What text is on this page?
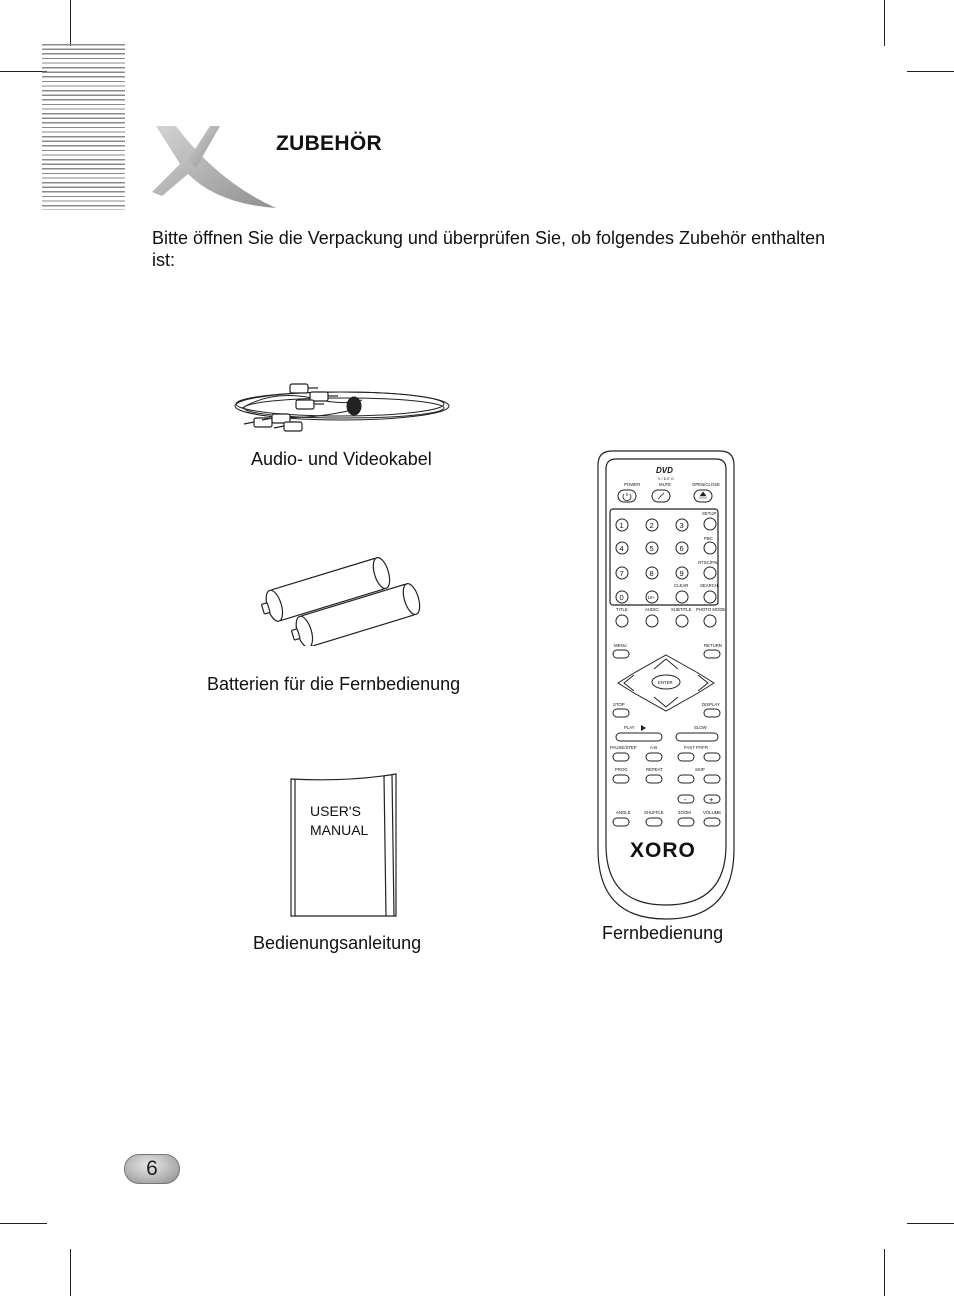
ZUBEHÖR
Bitte öffnen Sie die Verpackung und überprüfen Sie, ob folgendes Zubehör enthalten ist:
Audio- und Videokabel
Batterien für die Fernbedienung
USER'S
MANUAL
Bedienungsanleitung
DVD
VIDEO
POWER	MUTE	OPEN/CLOSE
1	2	3
4	5	6
7	8	9
0	10+
SETUP
PBC
NTSC/PAL
CLEAR	SEARCH
TITLE	AUDIO	SUBTITLE PHOTO MODE
MENU	RETURN
ENTER
STOP	DISPLAY
PLAY	SLOW
PAUSE/STEP	A-B	FAST FF/FR
PROG	REPEAT	SKIP
-	+
ANGLE	SHUFFLE	ZOOM	VOLUME
XORO
Fernbedienung
6
